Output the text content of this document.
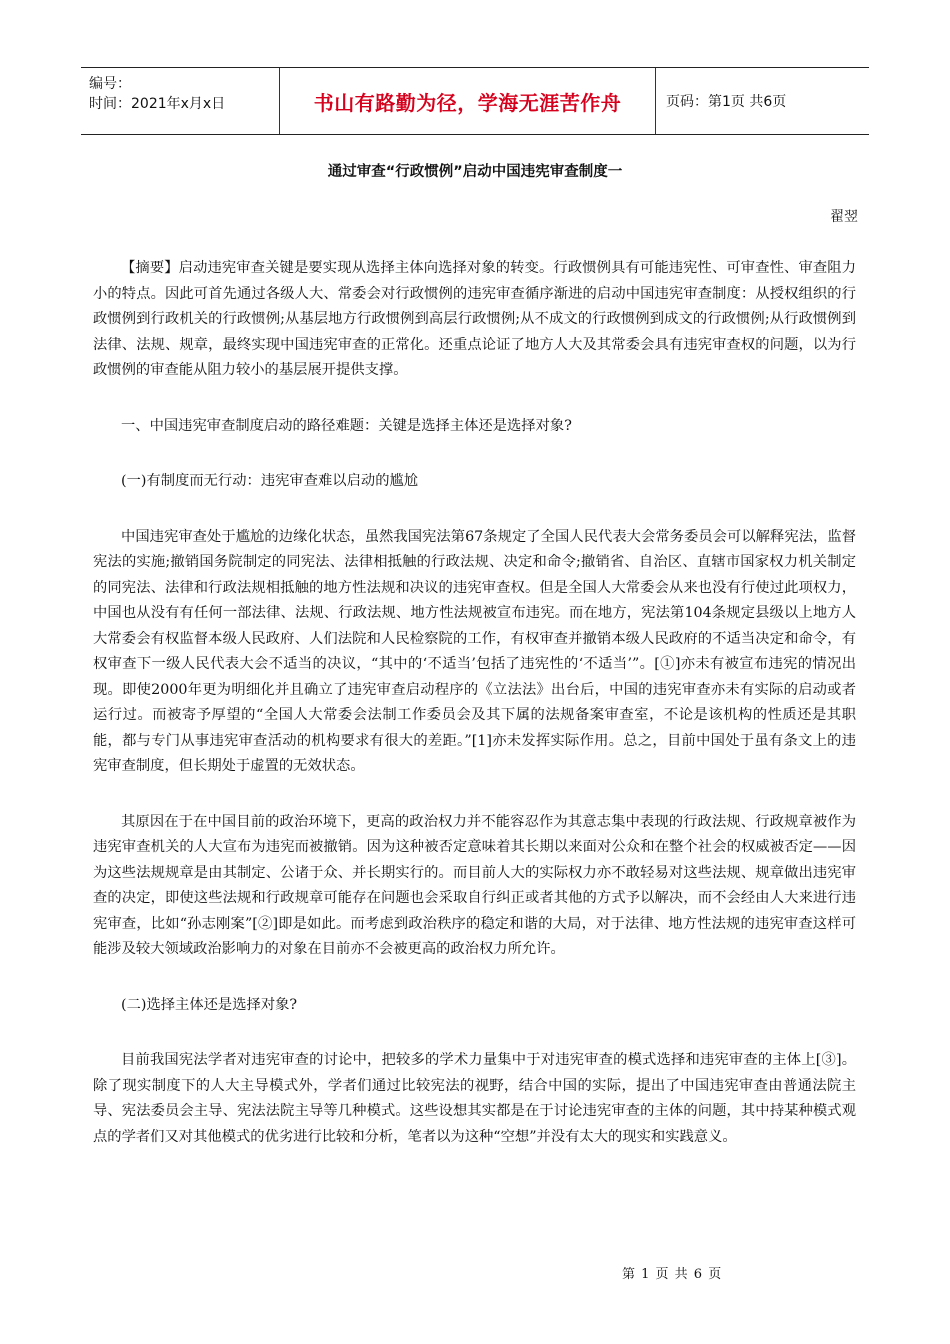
编号：
时间：2021年x月x日	书山有路勤为径，学海无涯苦作舟	页码：第1页 共6页
通过审查“行政惯例”启动中国违宪审查制度一
翟翌

【摘要】启动违宪审查关键是要实现从选择主体向选择对象的转变。行政惯例具有可能违宪性、可审查性、审查阻力小的特点。因此可首先通过各级人大、常委会对行政惯例的违宪审查循序渐进的启动中国违宪审查制度：从授权组织的行政惯例到行政机关的行政惯例;从基层地方行政惯例到高层行政惯例;从不成文的行政惯例到成文的行政惯例;从行政惯例到法律、法规、规章，最终实现中国违宪审查的正常化。还重点论证了地方人大及其常委会具有违宪审查权的问题，以为行政惯例的审查能从阻力较小的基层展开提供支撑。

一、中国违宪审查制度启动的路径难题：关键是选择主体还是选择对象?

(一)有制度而无行动：违宪审查难以启动的尴尬

中国违宪审查处于尴尬的边缘化状态，虽然我国宪法第67条规定了全国人民代表大会常务委员会可以解释宪法，监督宪法的实施;撤销国务院制定的同宪法、法律相抵触的行政法规、决定和命令;撤销省、自治区、直辖市国家权力机关制定的同宪法、法律和行政法规相抵触的地方性法规和决议的违宪审查权。但是全国人大常委会从来也没有行使过此项权力，中国也从没有有任何一部法律、法规、行政法规、地方性法规被宣布违宪。而在地方，宪法第104条规定县级以上地方人大常委会有权监督本级人民政府、人们法院和人民检察院的工作，有权审查并撤销本级人民政府的不适当决定和命令，有权审查下一级人民代表大会不适当的决议，“其中的‘不适当’包括了违宪性的‘不适当’”。[①]亦未有被宣布违宪的情况出现。即使2000年更为明细化并且确立了违宪审查启动程序的《立法法》出台后，中国的违宪审查亦未有实际的启动或者运行过。而被寄予厚望的“全国人大常委会法制工作委员会及其下属的法规备案审查室，不论是该机构的性质还是其职能，都与专门从事违宪审查活动的机构要求有很大的差距。”[1]亦未发挥实际作用。总之，目前中国处于虽有条文上的违宪审查制度，但长期处于虚置的无效状态。

其原因在于在中国目前的政治环境下，更高的政治权力并不能容忍作为其意志集中表现的行政法规、行政规章被作为违宪审查机关的人大宣布为违宪而被撤销。因为这种被否定意味着其长期以来面对公众和在整个社会的权威被否定——因为这些法规规章是由其制定、公诸于众、并长期实行的。而目前人大的实际权力亦不敢轻易对这些法规、规章做出违宪审查的决定，即使这些法规和行政规章可能存在问题也会采取自行纠正或者其他的方式予以解决，而不会经由人大来进行违宪审查，比如“孙志刚案”[②]即是如此。而考虑到政治秩序的稳定和谐的大局，对于法律、地方性法规的违宪审查这样可能涉及较大领域政治影响力的对象在目前亦不会被更高的政治权力所允许。

(二)选择主体还是选择对象?

目前我国宪法学者对违宪审查的讨论中，把较多的学术力量集中于对违宪审查的模式选择和违宪审查的主体上[③]。除了现实制度下的人大主导模式外，学者们通过比较宪法的视野，结合中国的实际，提出了中国违宪审查由普通法院主导、宪法委员会主导、宪法法院主导等几种模式。这些设想其实都是在于讨论违宪审查的主体的问题，其中持某种模式观点的学者们又对其他模式的优劣进行比较和分析，笔者以为这种“空想”并没有太大的现实和实践意义。

第 1 页 共 6 页
